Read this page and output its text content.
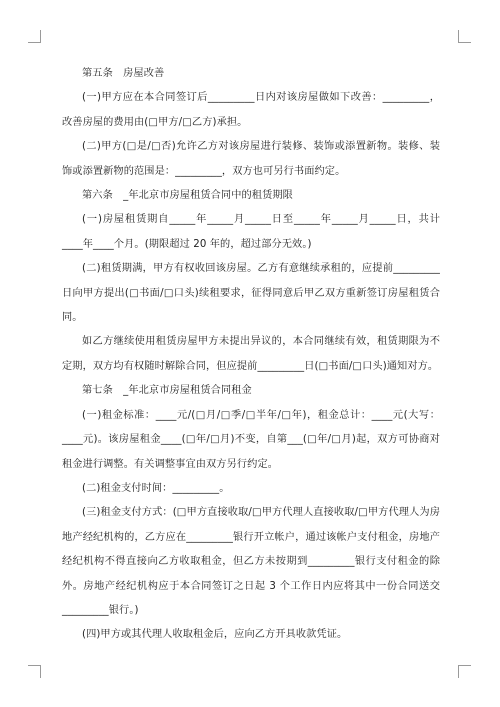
第五条　房屋改善

(一)甲方应在本合同签订后_________日内对该房屋做如下改善：_________，改善房屋的费用由(□甲方/□乙方)承担。

(二)甲方(□是/□否)允许乙方对该房屋进行装修、装饰或添置新物。装修、装饰或添置新物的范围是：_________，双方也可另行书面约定。

第六条　_年北京市房屋租赁合同中的租赁期限

(一)房屋租赁期自_____年_____月_____日至_____年_____月_____日，共计____年____个月。(期限超过 20 年的，超过部分无效。)

(二)租赁期满，甲方有权收回该房屋。乙方有意继续承租的，应提前_________日向甲方提出(□书面/□口头)续租要求，征得同意后甲乙双方重新签订房屋租赁合同。

如乙方继续使用租赁房屋甲方未提出异议的，本合同继续有效，租赁期限为不定期，双方均有权随时解除合同，但应提前_________日(□书面/□口头)通知对方。

第七条　_年北京市房屋租赁合同租金

(一)租金标准：____元/(□月/□季/□半年/□年)，租金总计：____元(大写：____元)。该房屋租金____(□年/□月)不变，自第___(□年/□月)起，双方可协商对租金进行调整。有关调整事宜由双方另行约定。

(二)租金支付时间：_________。

(三)租金支付方式：(□甲方直接收取/□甲方代理人直接收取/□甲方代理人为房地产经纪机构的，乙方应在_________银行开立帐户，通过该帐户支付租金，房地产经纪机构不得直接向乙方收取租金，但乙方未按期到_________银行支付租金的除外。房地产经纪机构应于本合同签订之日起 3 个工作日内应将其中一份合同送交_________银行。)

(四)甲方或其代理人收取租金后，应向乙方开具收款凭证。
